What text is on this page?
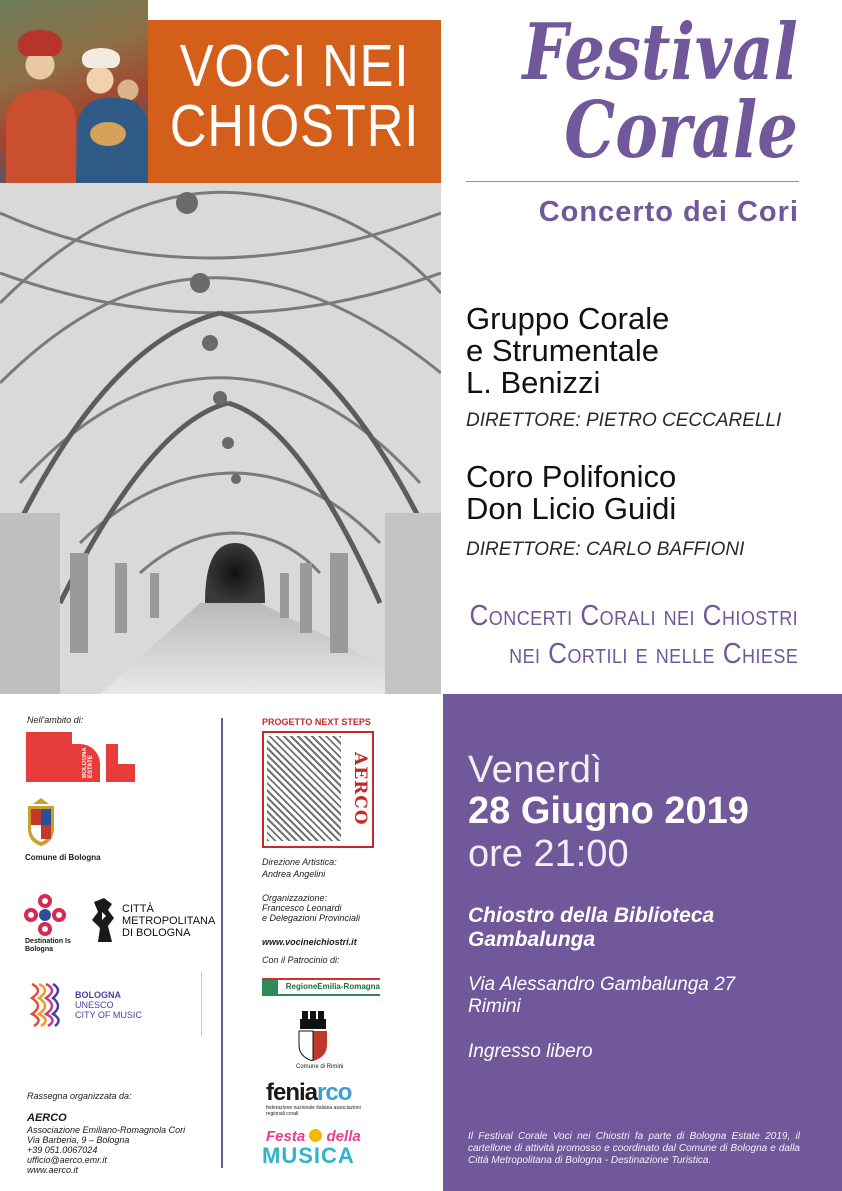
VOCI NEI
CHIOSTRI
Festival
Corale
Concerto dei Cori
Gruppo Corale
e Strumentale
L. Benizzi
DIRETTORE: PIETRO CECCARELLI
Coro Polifonico
Don Licio Guidi
DIRETTORE: CARLO BAFFIONI
Concerti Corali nei Chiostri
nei Cortili e nelle Chiese
Venerdì
28 Giugno 2019
ore 21:00
Chiostro della Biblioteca
Gambalunga
Via Alessandro Gambalunga 27
Rimini
Ingresso libero
Il Festival Corale Voci nei Chiostri fa parte di Bologna Estate 2019, il cartellone di attività promosso e coordinato dal Comune di Bologna e dalla Città Metropolitana di Bologna - Destinazione Turistica.
Nell'ambito di:
BOLOGNA ESTATE
Comune di Bologna
Destination Is Bologna
CITTÀ
METROPOLITANA
DI BOLOGNA
BOLOGNA
UNESCO
CITY OF MUSIC
Rassegna organizzata da:
AERCO
Associazione Emiliano-Romagnola Cori
Via Barberia, 9 – Bologna
+39 051.0067024
ufficio@aerco.emr.it
www.aerco.it
PROGETTO NEXT STEPS
AERCO
Direzione Artistica:
Andrea Angelini
Organizzazione:
Francesco Leonardi
e Delegazioni Provinciali
www.vocineichiostri.it
Con il Patrocinio di:
RegioneEmilia-Romagna
Comune di Rimini
feniarco
federazione nazionale italiana associazioni regionali corali
Festa della
MUSICA
